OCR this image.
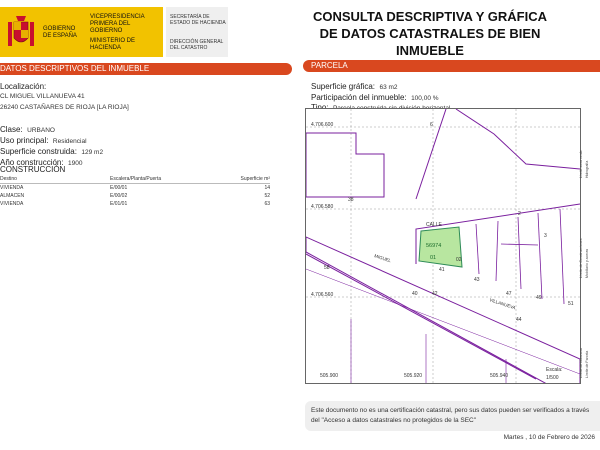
GOBIERNO DE ESPAÑA
VICEPRESIDENCIA PRIMERA DEL GOBIERNO
MINISTERIO DE HACIENDA
SECRETARÍA DE ESTADO DE HACIENDA
DIRECCIÓN GENERAL DEL CATASTRO
CONSULTA DESCRIPTIVA Y GRÁFICA
DE DATOS CATASTRALES DE BIEN INMUEBLE
DATOS DESCRIPTIVOS DEL INMUEBLE
Localización:
CL MIGUEL VILLANUEVA 41
26240 CASTAÑARES DE RIOJA [LA RIOJA]
Clase: URBANO
Uso principal: Residencial
Superficie construida: 129 m2
Año construcción: 1900
CONSTRUCCIÓN
Destino	Escalera/Planta/Puerta	Superficie m²
VIVIENDA	E/00/01	14
ALMACEN	E/00/02	52
VIVIENDA	E/01/01	63
PARCELA
Superficie gráfica: 63 m2
Participación del inmueble: 100,00 %
Tipo: Parcela construida sin división horizontal
4.706.600
4.706.580
4.706.560
505.900	505.920	505.940
6
38
CALLE
MIGUEL
VILLANUEVA
56974
01
41
02
40	42
43
44
47
49
51
58
2
3
Escala:
1/500	Límite de Manzana Límite de Parcela
Límite de Construcciones Mobiliario y aceras
Límite zona verde Hidrografía
Este documento no es una certificación catastral, pero sus datos pueden ser verificados a través del "Acceso a datos catastrales no protegidos de la SEC"
Martes , 10 de Febrero de 2026
